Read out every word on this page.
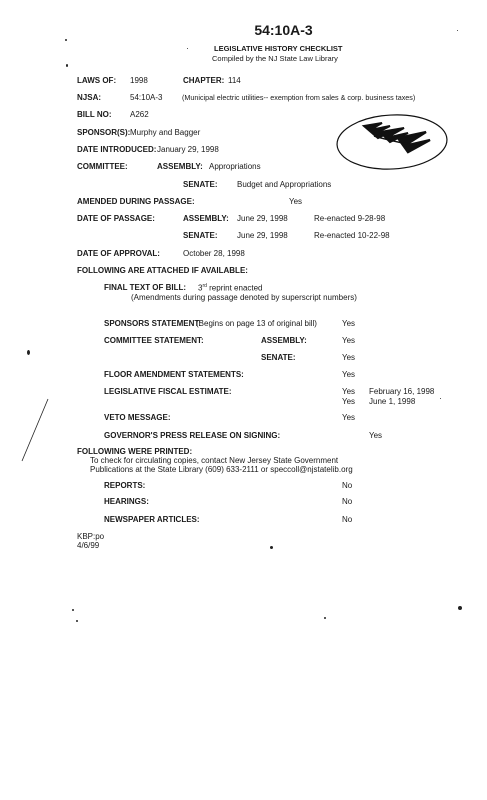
54:10A-3
LEGISLATIVE HISTORY CHECKLIST
Compiled by the NJ State Law Library
LAWS OF: 1998	CHAPTER: 114
NJSA:	54:10A-3	(Municipal electric utilities-- exemption from sales & corp. business taxes)
BILL NO: A262
SPONSOR(S): Murphy and Bagger
DATE INTRODUCED: January 29, 1998
COMMITTEE:	ASSEMBLY: Appropriations
SENATE: Budget and Appropriations
AMENDED DURING PASSAGE:	Yes
DATE OF PASSAGE:	ASSEMBLY: June 29, 1998	Re-enacted 9-28-98
SENATE: June 29, 1998	Re-enacted 10-22-98
DATE OF APPROVAL:	October 28, 1998
FOLLOWING ARE ATTACHED IF AVAILABLE:
FINAL TEXT OF BILL: 3rd reprint enacted
(Amendments during passage denoted by superscript numbers)
SPONSORS STATEMENT:
(Begins on page 13 of original bill)	Yes
COMMITTEE STATEMENT:	ASSEMBLY:	Yes
SENATE:	Yes
FLOOR AMENDMENT STATEMENTS:	Yes
LEGISLATIVE FISCAL ESTIMATE:	Yes February 16, 1998
Yes June 1, 1998
VETO MESSAGE:	Yes
GOVERNOR'S PRESS RELEASE ON SIGNING:	Yes
FOLLOWING WERE PRINTED:
To check for circulating copies, contact New Jersey State Government
Publications at the State Library (609) 633-2111 or speccoll@njstatelib.org
REPORTS:	No
HEARINGS:	No
NEWSPAPER ARTICLES:	No
KBP:po
4/6/99
